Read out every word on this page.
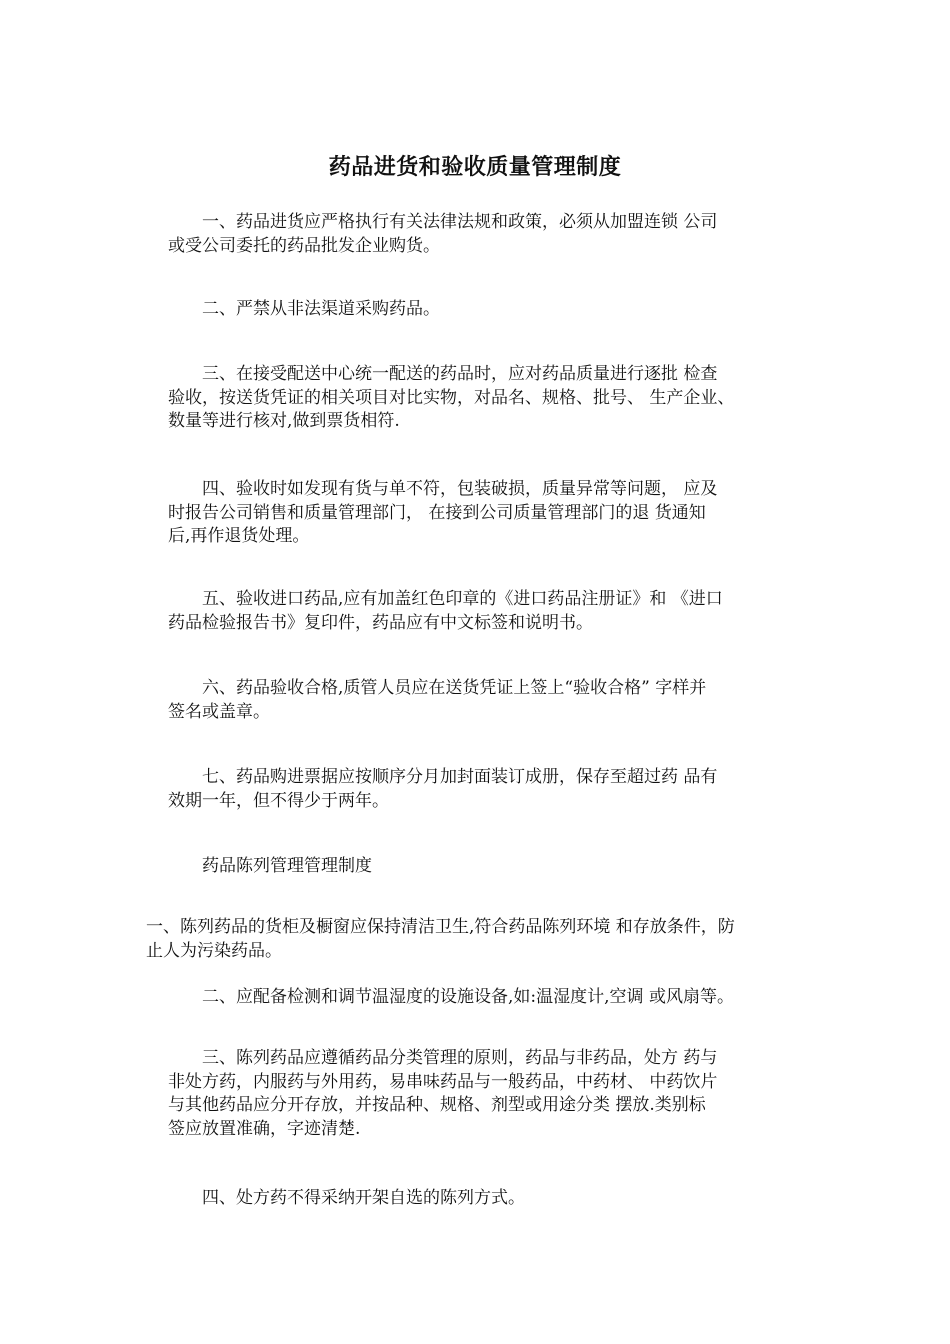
药品进货和验收质量管理制度
一、药品进货应严格执行有关法律法规和政策，必须从加盟连锁 公司
或受公司委托的药品批发企业购货。
二、严禁从非法渠道采购药品。
三、在接受配送中心统一配送的药品时，应对药品质量进行逐批 检查
验收，按送货凭证的相关项目对比实物，对品名、规格、批号、 生产企业、
数量等进行核对,做到票货相符.
四、验收时如发现有货与单不符，包装破损，质量异常等问题， 应及
时报告公司销售和质量管理部门， 在接到公司质量管理部门的退 货通知
后,再作退货处理。
五、验收进口药品,应有加盖红色印章的《进口药品注册证》和 《进口
药品检验报告书》复印件，药品应有中文标签和说明书。
六、药品验收合格,质管人员应在送货凭证上签上“验收合格” 字样并
签名或盖章。
七、药品购进票据应按顺序分月加封面装订成册，保存至超过药 品有
效期一年，但不得少于两年。
药品陈列管理管理制度
一、陈列药品的货柜及橱窗应保持清洁卫生,符合药品陈列环境 和存放条件，防
止人为污染药品。
二、应配备检测和调节温湿度的设施设备,如:温湿度计,空调 或风扇等。
三、陈列药品应遵循药品分类管理的原则，药品与非药品，处方 药与
非处方药，内服药与外用药，易串味药品与一般药品，中药材、 中药饮片
与其他药品应分开存放，并按品种、规格、剂型或用途分类 摆放.类别标
签应放置准确，字迹清楚.
四、处方药不得采纳开架自选的陈列方式。
